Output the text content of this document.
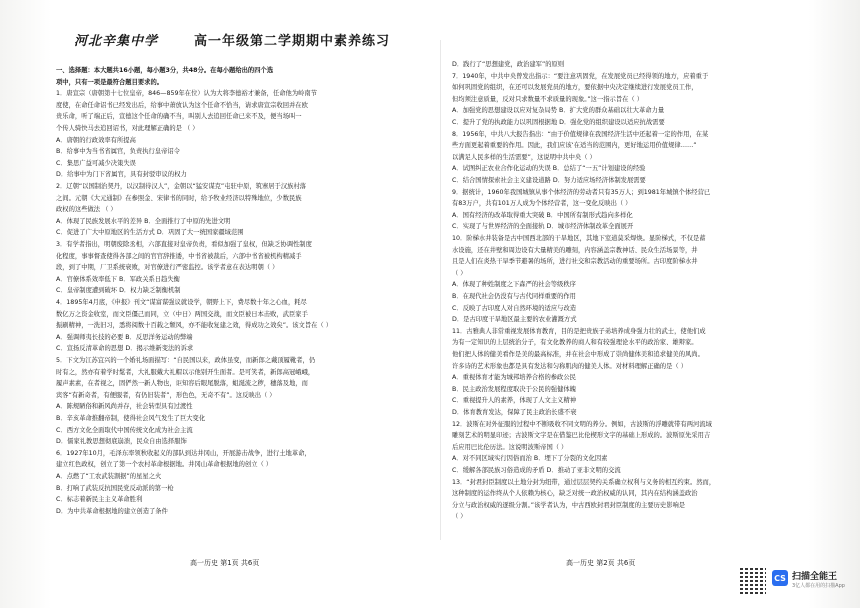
河北辛集中学	高一年级第二学期期中素养练习
一、选择题：本大题共16小题，每小题3分，共48分。在每小题给出的四个选
项中，只有一项是最符合题目要求的。
1．唐宣宗（唐朝第十七位皇帝，846—859年在位）认为大将李德裕才兼备，任命他为岭南节
度使，在命任命诏书已经发出后，给事中萧放认为这个任命不恰当，请求唐宣宗收回并在欧
贵乐命，听了端正后，宣德这个任命的确不当，叫别人去追回任命已来不及，便当场叫一
个传人骑快马去追回诏书，对此理解正确的是 （ ）
A．唐朝的行政效率有所提高
B．给事中为当书省属官，负责执行皇帝诏令
C．集思广益可减少决策失误
D．给事中为门下省属官，具有封驳审议的权力
2．辽朝“以国制治契丹，以汉制待汉人”，金朝以“猛安谋克”屯驻中原，筑寨居于汉族村落
之间。元朝《大元通制》在参照金、宋律书的同时，给予牧业经济以特殊地位，少数民族
政权的这些做法 （ ）
A．体现了民族发展水平的差异 B．全面推行了中原的先进文明
C．促进了广大中原地区的生活方式 D．巩固了大一统国家疆域范围
3．有学者指出，明朝废除丞相，六部直接对皇帝负责，看似加强了皇权，但缺乏协调性制度
化程度，事事督查使得各部之间的官官辞推诿，中书省被裁后，六部中书省被机构精减手
段，到了中期，厂卫系统衰败，对官僚进行严密监控。该学者意在表达明朝（ ）
A．官僚体系效率低下 B．军政关系日趋失衡
C．皇帝制度遭到破坏 D．权力缺乏制衡机制
4．1895年4月底，《申报》刊文“谋富谋强议就设学，朝野上下，费尽数十年之心血，耗尽
数亿万之资金收室，而文臣僵己而同，立（中日）两国交战，而文臣被日本击败，武臣家手
振刷精神，一洗旧习，悉将阅数十百载之颓风，亦不能收复建之效，得成功之效矣”。该文旨在（ ）
A．强调师夷长技的必要 B．反思洋务运动的弊端
C．宣扬反清革命的思想 D．揭示维新变法的诉求
5．下文为江苏宜兴的一个婚礼场面描写：“自民国以来，政体虽变，而新郎之戴顶履靴者，仍
时有之，然亦有着学时髦者，大礼服戴大礼帽以示他别开生面者。是可笑者，新郎高冠峨峨，
履声素素，在者视之，固俨然一新人物也，讵知容后眼尾脱落，蛆涎流之秽，穗落及地，而
宾客“有新奇者，有便服者，有仍旧装者”，形色色，无奇不有”。这反映出（ ）
A．陈规陋俗和新风尚并存，社会转型具有过渡性
B．辛亥革命推翻帝制，使得社会风气发生了巨大变化
C．西方文化全面取代中国传统文化成为社会主流
D．儒家礼教思想彻底崩溃，民众自由选择服饰
6．1927年10月，毛泽东率领秋收起义的部队到达井冈山，开展游击战争，进行土地革命，
建立红色政权，创立了第一个农村革命根据地。井冈山革命根据地的创立（ ）
A．点燃了“工农武装割据”的星星之火
B．打响了武装反抗国民党反动派的第一枪
C．标志着新民主主义革命胜利
D．为中共革命根据地的建立创造了条件
D．践行了“思想建党，政治建军”的原则
7．1940年，中共中央曾发出指示：“要注意巩固党，在发展党员已经得领的地方，应着重于
如何巩固党的组织，在还可以发展党员的地方，要依据中央决定继续进行发展党员工作，
但均须注意质量，反对只求数量不求质量的现象。”这一指示旨在（ ）
A．加强党的思想建设以应对复杂局势 B．扩大党的群众基础以壮大革命力量
C．提升了党的执政能力以巩固根据地 D．强化党的组织建设以适应抗战需要
8．1956年，中共八大报告指出：“由于价值规律在我国经济生活中还起着一定的作用，在某
些方面更起着重要的作用。因此，我们应该‘在适当的范围内，更好地运用价值规律……”
以满足人民多样的生活需要”，这说明中共中央（ ）
A．试图纠正农业合作化运动的失误 B．总结了“一五”计划建设的经验
C．结合国情探索社会主义建设道路 D．努力适应场经济体制发展需要
9．据统计，1960年我国城镇从事个体经济的劳动者只有35万人；到1981年城镇个体经营已
有83万户，共有101万人成为个体经营者，这一变化反映出（ ）
A．国有经济的改革取得重大突破 B．中国所有制形式趋向多样化
C．实现了与世界经济的全面接轨 D．城市经济体制改革全面展开
10．阶梯水井装备是古中国西北部的干旱地区，其地下室道莫采焊焕。显阶梯式，不仅是蓄
水设施，还在井壁和周边设有大量精美的雕刻，内容涵盖宗教神话、民众生活场景等，井
且是人们在炎热干旱季节避暑的场所，进行社交和宗教活动的重要场所。古印度阶梯水井
（ ）
A．体现了种姓制度之下森严的社会等级秩序
B．在现代社会仍没有与古代同样重要的作用
C．反映了古印度人对自然环境的适应与改造
D．是古印度干旱地区最主要的农业灌溉方式
11．古雅典人非常重视发展体育教育，目的是把贵族子弟培养成身强力壮的武士，使他们成
为有一定知识的上层统治分子，有文化教养的商人和有较强理论水平的政治家、雄辩家。
他们把人体的健美看作是美的最高标准，并在社会中形成了崇尚健体美和追求健美的风尚。
许多诗的艺术形象也都是具有发达和匀称肌肉的健美人体。对材料理解正确的是（ ）
A．重视体育才能为城邦培养合格的参政公民
B．民主政治发展程度取决于公民的强健体魄
C．重视提升人的素养，体现了人文主义精神
D．体育教育发达，保障了民主政治长盛不衰
12．波斯在对外征服的过程中不断吸收不同文明的养分。例如，古波斯的浮雕就带有两河流域
雕刻艺术的明显印迹；古波斯文字是在借鉴巴比伦楔形文字的基础上形成的。波斯原先采用吉
后应用巴比伦历法。这说明波斯帝国（ ）
A．对不同区域实行因俗而治 B．埋下了分裂的文化因素
C．缓解各部民族习俗造成的矛盾 D．推动了亚非文明的交流
13．“封君封臣制度以土地分封为纽带，通过层层契约关系确立权利与义务的相互约束。然而，
这种制度的运作终从个人依赖为核心，缺乏对统一政治权威的认同，其内在结构涵盖政治
分立与政治权威的逐级分割。”该学者认为，中古西欧封君封臣制度的主要历史影响是
（ ）
高一历史 第1页 共6页	高一历史 第2页 共6页
CS 扫描全能王
3亿人都在用的扫描App
